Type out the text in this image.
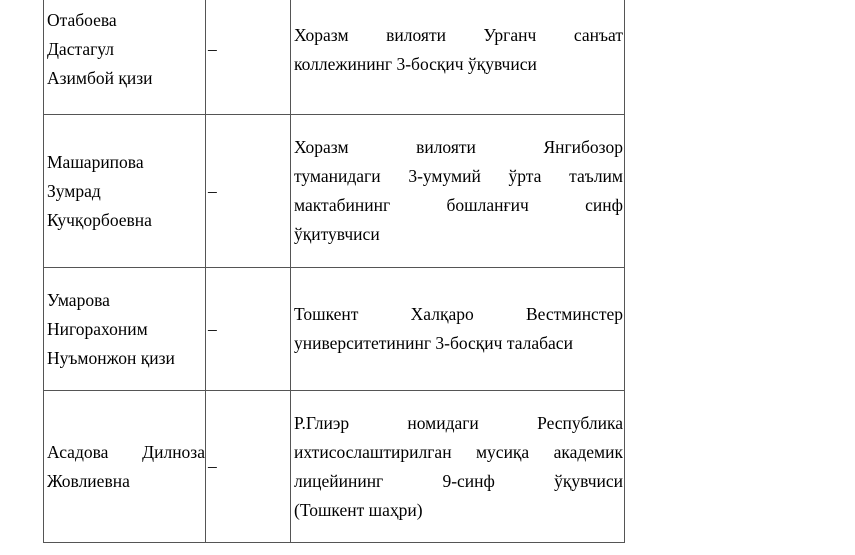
Отабоева
Дастагул
Азимбой қизи	–	Хоразм вилояти Урганч санъат
коллежининг 3-босқич ўқувчиси

Машарипова
Зумрад
Кучқорбоевна	–	Хоразм вилояти Янгибозор
туманидаги 3-умумий ўрта таълим
мактабининг бошланғич синф
ўқитувчиси

Умарова
Нигорахоним
Нуъмонжон қизи	–	Тошкент Халқаро Вестминстер
университетининг 3-босқич талабаси

Асадова Дилноза
Жовлиевна	–	Р.Глиэр номидаги Республика
ихтисослаштирилган мусиқа академик
лицейининг 9-синф ўқувчиси
(Тошкент шаҳри)
